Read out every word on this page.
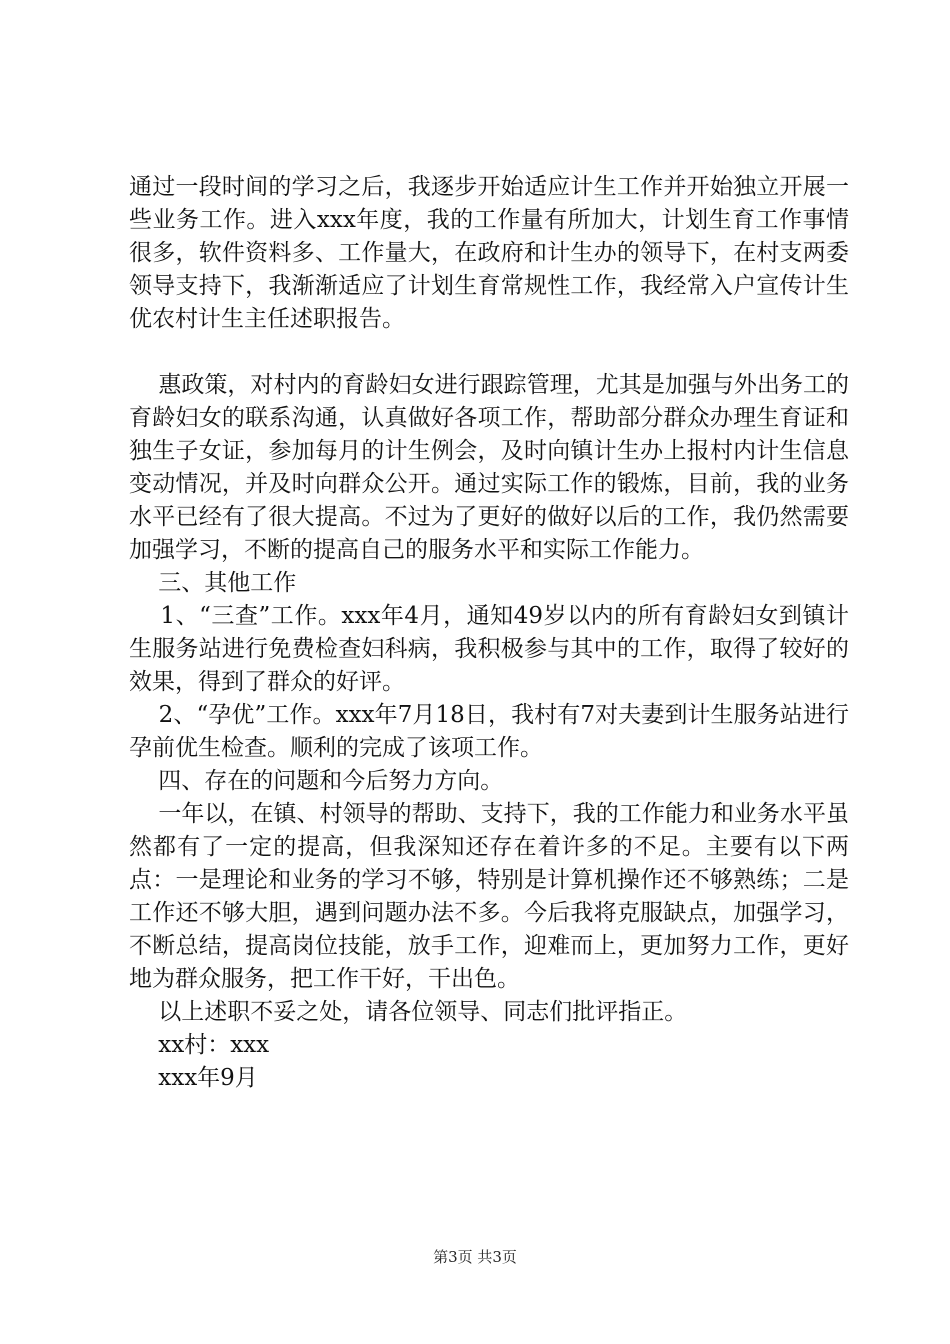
通过一段时间的学习之后，我逐步开始适应计生工作并开始独立开展一些业务工作。进入xxx年度，我的工作量有所加大，计划生育工作事情很多，软件资料多、工作量大，在政府和计生办的领导下，在村支两委领导支持下，我渐渐适应了计划生育常规性工作，我经常入户宣传计生优农村计生主任述职报告。

惠政策，对村内的育龄妇女进行跟踪管理，尤其是加强与外出务工的育龄妇女的联系沟通，认真做好各项工作，帮助部分群众办理生育证和独生子女证，参加每月的计生例会，及时向镇计生办上报村内计生信息变动情况，并及时向群众公开。通过实际工作的锻炼，目前，我的业务水平已经有了很大提高。不过为了更好的做好以后的工作，我仍然需要加强学习，不断的提高自己的服务水平和实际工作能力。

三、其他工作

1、“三查”工作。xxx年4月，通知49岁以内的所有育龄妇女到镇计生服务站进行免费检查妇科病，我积极参与其中的工作，取得了较好的效果，得到了群众的好评。

2、“孕优”工作。xxx年7月18日，我村有7对夫妻到计生服务站进行孕前优生检查。顺利的完成了该项工作。

四、存在的问题和今后努力方向。

一年以，在镇、村领导的帮助、支持下，我的工作能力和业务水平虽然都有了一定的提高，但我深知还存在着许多的不足。主要有以下两点：一是理论和业务的学习不够，特别是计算机操作还不够熟练；二是工作还不够大胆，遇到问题办法不多。今后我将克服缺点，加强学习，不断总结，提高岗位技能，放手工作，迎难而上，更加努力工作，更好地为群众服务，把工作干好，干出色。

以上述职不妥之处，请各位领导、同志们批评指正。

xx村：xxx

xxx年9月

第3页 共3页
